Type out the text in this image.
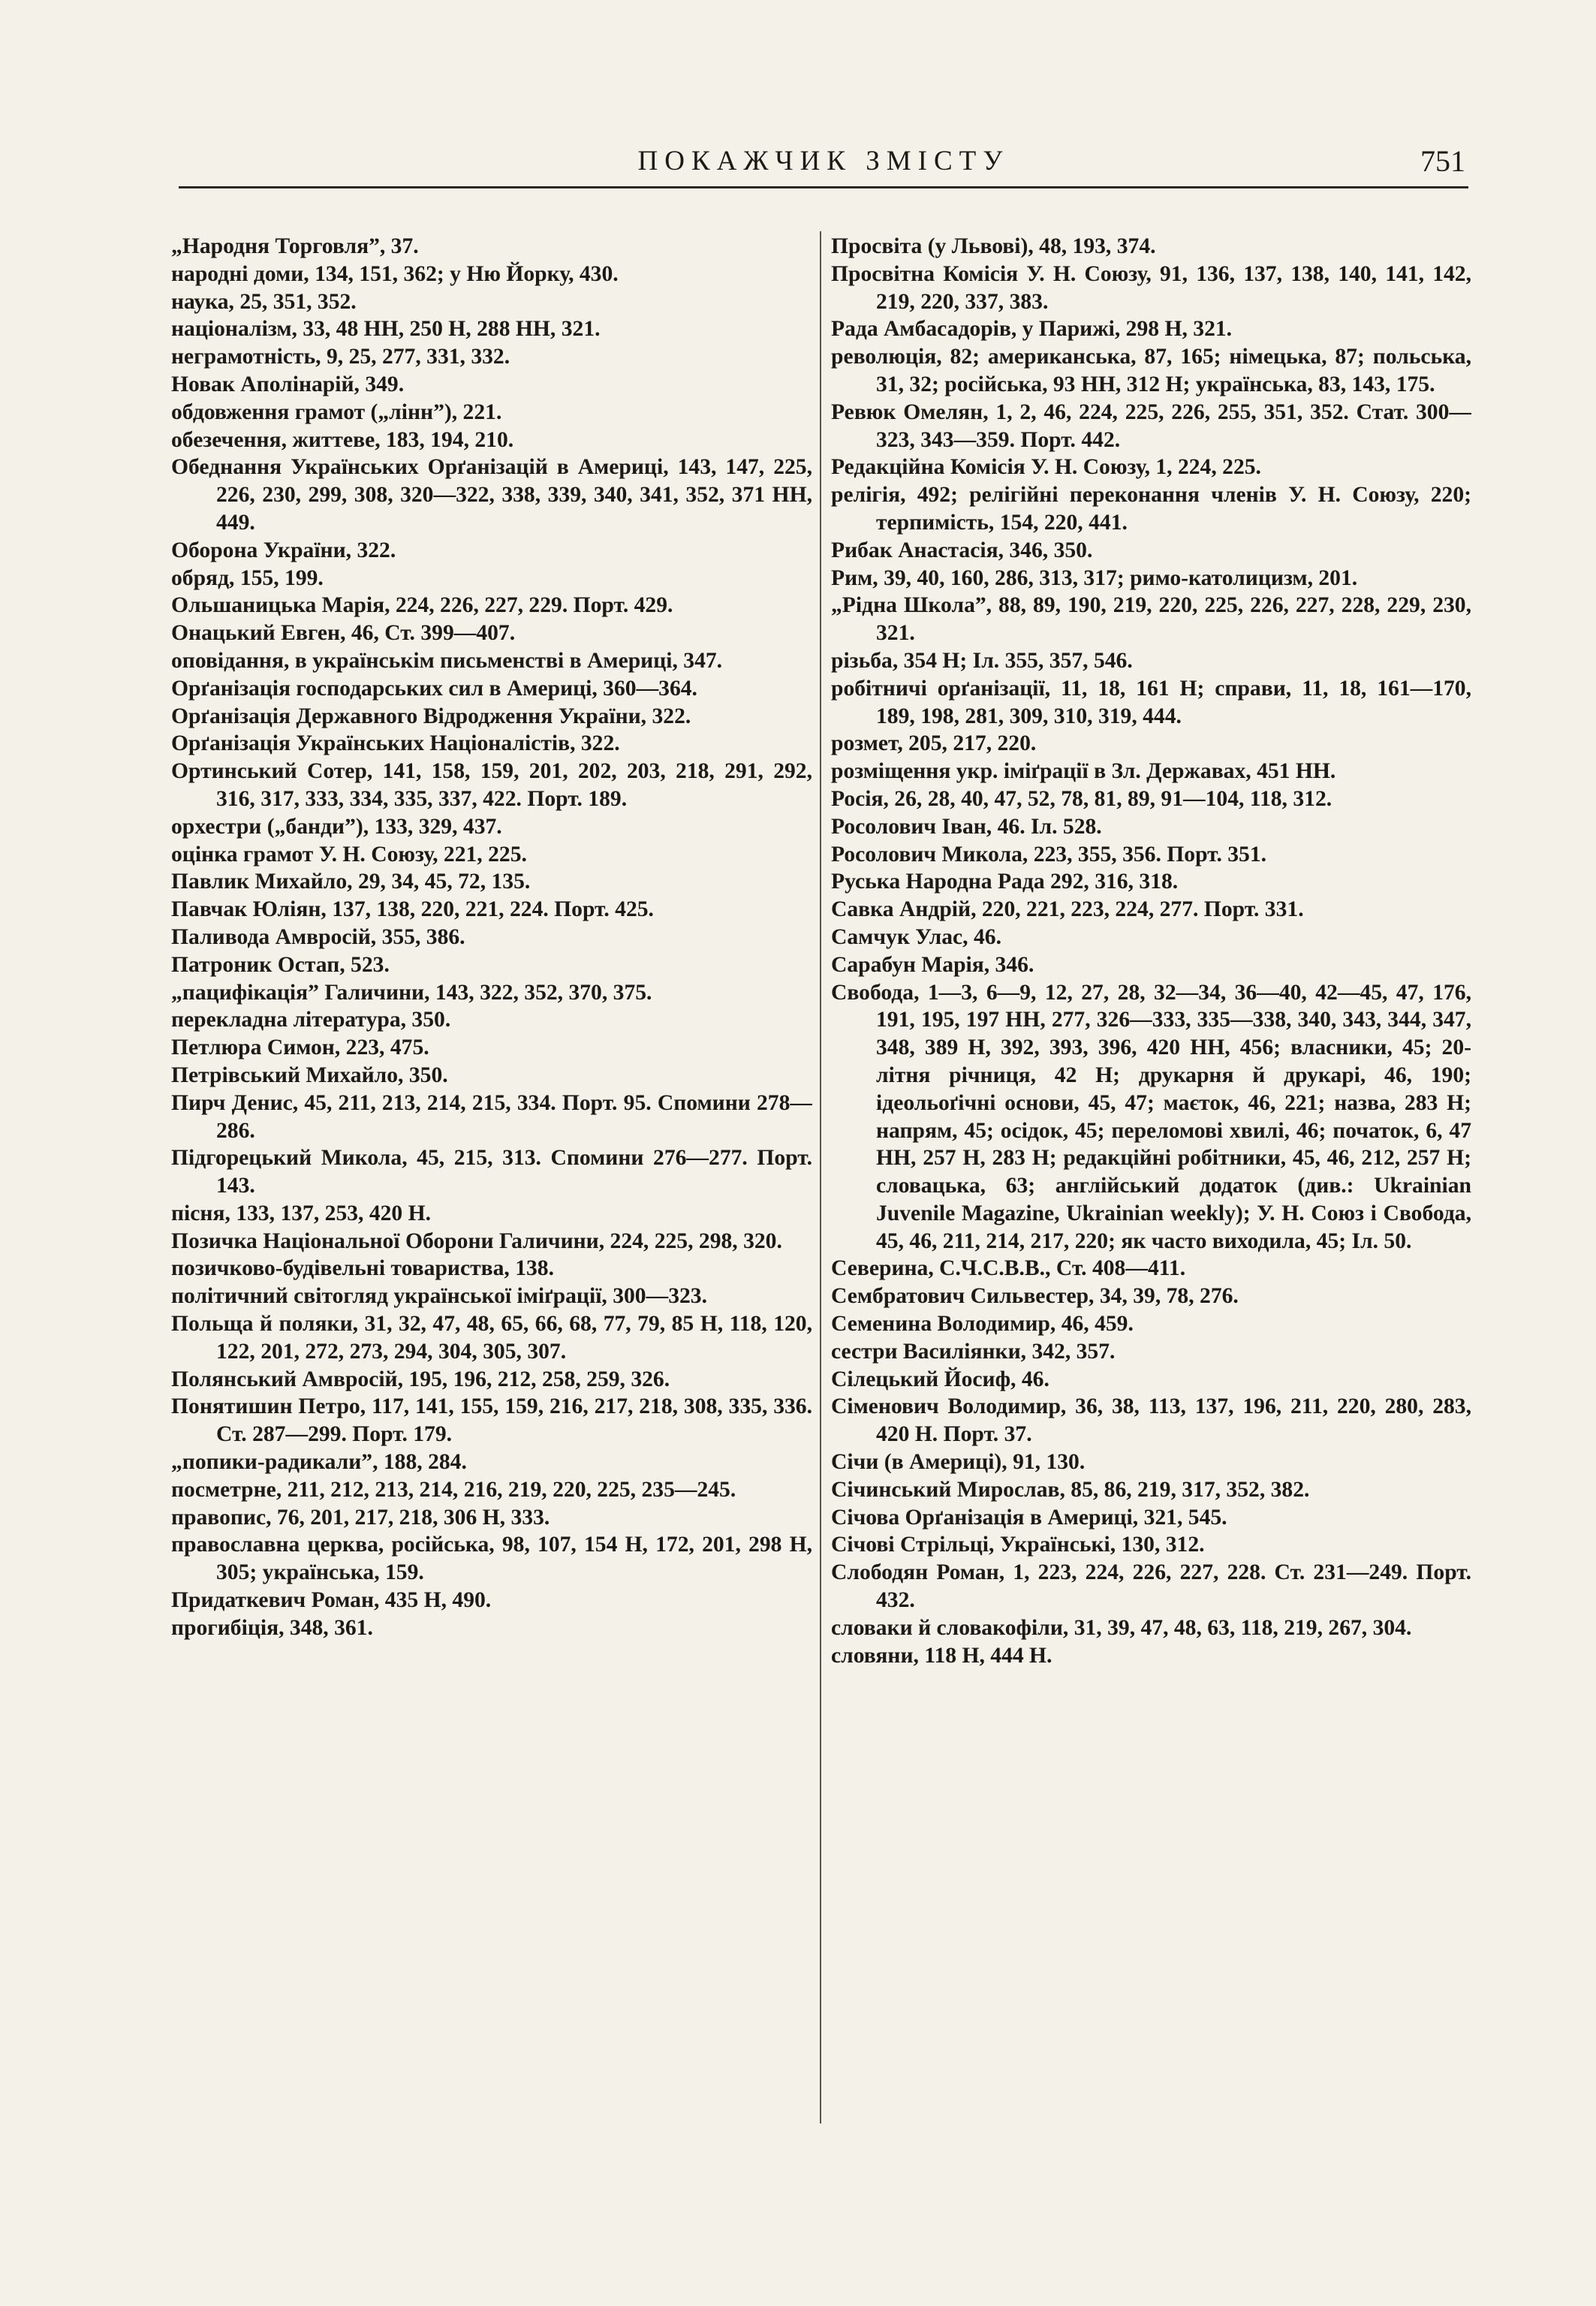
ПОКАЖЧИК ЗМІСТУ	751

„Народня Торговля”, 37.

народні доми, 134, 151, 362; у Ню Йорку, 430.

наука, 25, 351, 352.

націоналізм, 33, 48 НН, 250 Н, 288 НН, 321.

неграмотність, 9, 25, 277, 331, 332.

Новак Аполінарій, 349.

обдовження грамот („лінн”), 221.

обезечення, життеве, 183, 194, 210.

Обеднання Українських Орґанізацій в Америці, 143, 147, 225, 226, 230, 299, 308, 320—322, 338, 339, 340, 341, 352, 371 НН, 449.

Оборона України, 322.

обряд, 155, 199.

Ольшаницька Марія, 224, 226, 227, 229. Порт. 429.

Онацький Евген, 46, Ст. 399—407.

оповідання, в українськім письменстві в Америці, 347.

Орґанізація господарських сил в Америці, 360—364.

Орґанізація Державного Відродження України, 322.

Орґанізація Українських Націоналістів, 322.

Ортинський Сотер, 141, 158, 159, 201, 202, 203, 218, 291, 292, 316, 317, 333, 334, 335, 337, 422. Порт. 189.

орхестри („банди”), 133, 329, 437.

оцінка грамот У. Н. Союзу, 221, 225.

Павлик Михайло, 29, 34, 45, 72, 135.

Павчак Юліян, 137, 138, 220, 221, 224. Порт. 425.

Паливода Амвросій, 355, 386.

Патроник Остап, 523.

„пацифікація” Галичини, 143, 322, 352, 370, 375.

перекладна література, 350.

Петлюра Симон, 223, 475.

Петрівський Михайло, 350.

Пирч Денис, 45, 211, 213, 214, 215, 334. Порт. 95. Спомини 278—286.

Підгорецький Микола, 45, 215, 313. Спомини 276—277. Порт. 143.

пісня, 133, 137, 253, 420 Н.

Позичка Національної Оборони Галичини, 224, 225, 298, 320.

позичково-будівельні товариства, 138.

політичний світогляд української іміґрації, 300—323.

Польща й поляки, 31, 32, 47, 48, 65, 66, 68, 77, 79, 85 Н, 118, 120, 122, 201, 272, 273, 294, 304, 305, 307.

Полянський Амвросій, 195, 196, 212, 258, 259, 326.

Понятишин Петро, 117, 141, 155, 159, 216, 217, 218, 308, 335, 336. Ст. 287—299. Порт. 179.

„попики-радикали”, 188, 284.

посметрне, 211, 212, 213, 214, 216, 219, 220, 225, 235—245.

правопис, 76, 201, 217, 218, 306 Н, 333.

православна церква, російська, 98, 107, 154 Н, 172, 201, 298 Н, 305; українська, 159.

Придаткевич Роман, 435 Н, 490.

прогибіція, 348, 361.

Просвіта (у Львові), 48, 193, 374.

Просвітна Комісія У. Н. Союзу, 91, 136, 137, 138, 140, 141, 142, 219, 220, 337, 383.

Рада Амбасадорів, у Парижі, 298 Н, 321.

революція, 82; американська, 87, 165; німецька, 87; польська, 31, 32; російська, 93 НН, 312 Н; українська, 83, 143, 175.

Ревюк Омелян, 1, 2, 46, 224, 225, 226, 255, 351, 352. Стат. 300—323, 343—359. Порт. 442.

Редакційна Комісія У. Н. Союзу, 1, 224, 225.

релігія, 492; релігійні переконання членів У. Н. Союзу, 220; терпимість, 154, 220, 441.

Рибак Анастасія, 346, 350.

Рим, 39, 40, 160, 286, 313, 317; римо-католицизм, 201.

„Рідна Школа”, 88, 89, 190, 219, 220, 225, 226, 227, 228, 229, 230, 321.

різьба, 354 Н; Іл. 355, 357, 546.

робітничі орґанізації, 11, 18, 161 Н; справи, 11, 18, 161—170, 189, 198, 281, 309, 310, 319, 444.

розмет, 205, 217, 220.

розміщення укр. іміґрації в Зл. Державах, 451 НН.

Росія, 26, 28, 40, 47, 52, 78, 81, 89, 91—104, 118, 312.

Росолович Іван, 46. Іл. 528.

Росолович Микола, 223, 355, 356. Порт. 351.

Руська Народна Рада 292, 316, 318.

Савка Андрій, 220, 221, 223, 224, 277. Порт. 331.

Самчук Улас, 46.

Сарабун Марія, 346.

Свобода, 1—3, 6—9, 12, 27, 28, 32—34, 36—40, 42—45, 47, 176, 191, 195, 197 НН, 277, 326—333, 335—338, 340, 343, 344, 347, 348, 389 Н, 392, 393, 396, 420 НН, 456; власники, 45; 20-літня річниця, 42 Н; друкарня й друкарі, 46, 190; ідеольоґічні основи, 45, 47; маєток, 46, 221; назва, 283 Н; напрям, 45; осідок, 45; переломові хвилі, 46; початок, 6, 47 НН, 257 Н, 283 Н; редакційні робітники, 45, 46, 212, 257 Н; словацька, 63; англійський додаток (див.: Ukrainian Juvenile Magazine, Ukrainian weekly); У. Н. Союз і Свобода, 45, 46, 211, 214, 217, 220; як часто виходила, 45; Іл. 50.

Северина, С.Ч.С.В.В., Ст. 408—411.

Сембратович Сильвестер, 34, 39, 78, 276.

Семенина Володимир, 46, 459.

сестри Василіянки, 342, 357.

Сілецький Йосиф, 46.

Сіменович Володимир, 36, 38, 113, 137, 196, 211, 220, 280, 283, 420 Н. Порт. 37.

Січи (в Америці), 91, 130.

Січинський Мирослав, 85, 86, 219, 317, 352, 382.

Січова Орґанізація в Америці, 321, 545.

Січові Стрільці, Українські, 130, 312.

Слободян Роман, 1, 223, 224, 226, 227, 228. Ст. 231—249. Порт. 432.

словаки й словакофіли, 31, 39, 47, 48, 63, 118, 219, 267, 304.

словяни, 118 Н, 444 Н.
